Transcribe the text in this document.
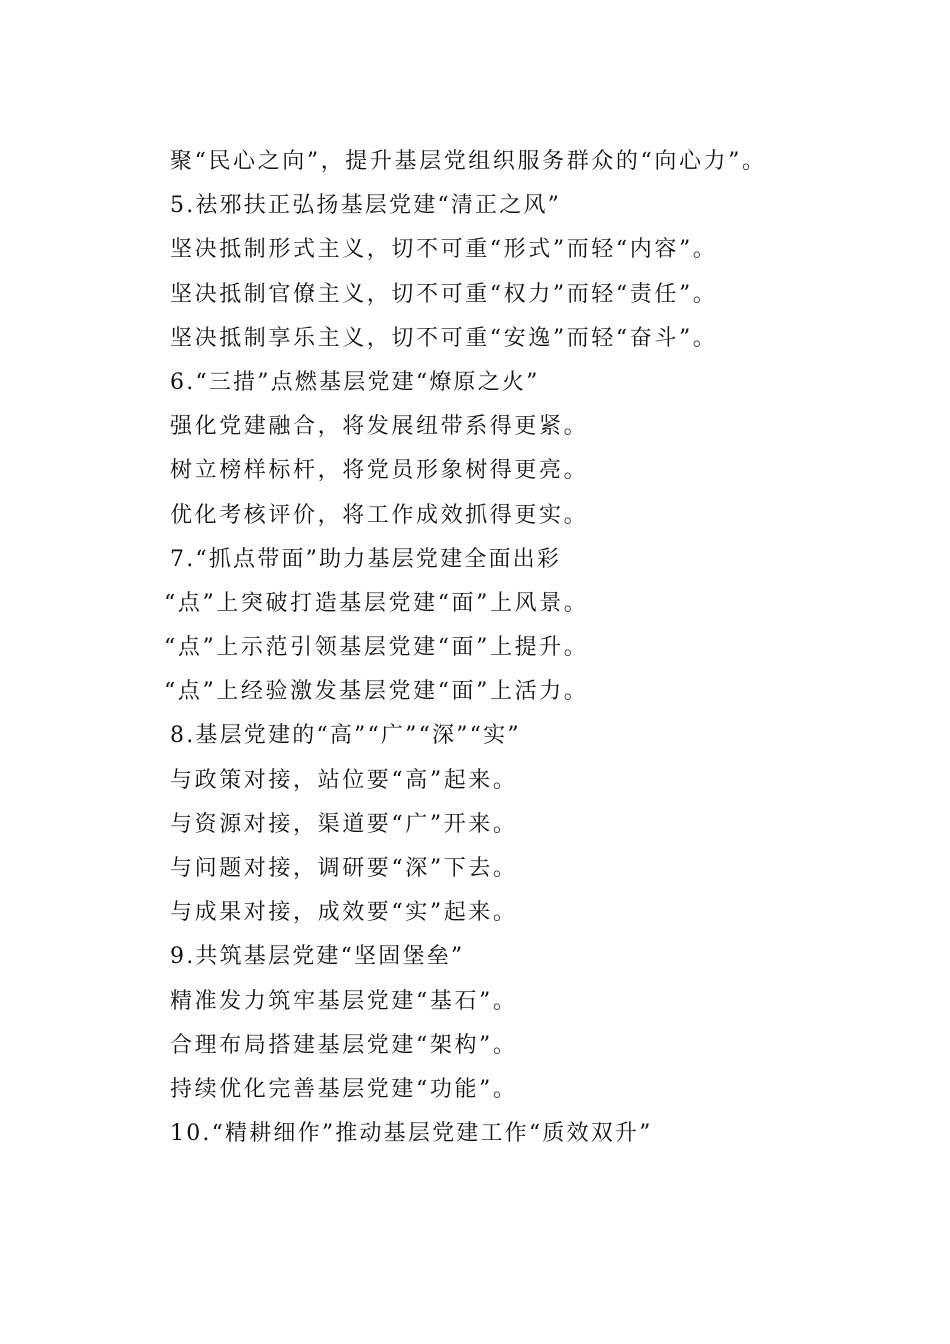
聚“民心之向”，提升基层党组织服务群众的“向心力”。
5.祛邪扶正弘扬基层党建“清正之风”
坚决抵制形式主义，切不可重“形式”而轻“内容”。
坚决抵制官僚主义，切不可重“权力”而轻“责任”。
坚决抵制享乐主义，切不可重“安逸”而轻“奋斗”。
6.“三措”点燃基层党建“燎原之火”
强化党建融合，将发展纽带系得更紧。
树立榜样标杆，将党员形象树得更亮。
优化考核评价，将工作成效抓得更实。
7.“抓点带面”助力基层党建全面出彩
“点”上突破打造基层党建“面”上风景。
“点”上示范引领基层党建“面”上提升。
“点”上经验激发基层党建“面”上活力。
8.基层党建的“高”“广”“深”“实”
与政策对接，站位要“高”起来。
与资源对接，渠道要“广”开来。
与问题对接，调研要“深”下去。
与成果对接，成效要“实”起来。
9.共筑基层党建“坚固堡垒”
精准发力筑牢基层党建“基石”。
合理布局搭建基层党建“架构”。
持续优化完善基层党建“功能”。
10.“精耕细作”推动基层党建工作“质效双升”
